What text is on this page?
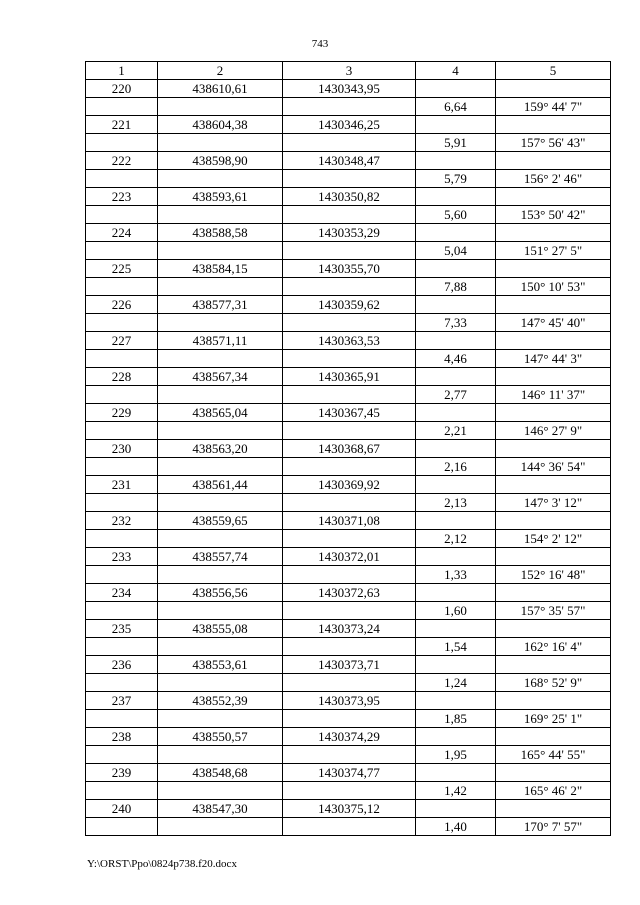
743
1	2	3	4	5
220	438610,61	1430343,95		
			6,64	159° 44' 7"
221	438604,38	1430346,25		
			5,91	157° 56' 43"
222	438598,90	1430348,47		
			5,79	156° 2' 46"
223	438593,61	1430350,82		
			5,60	153° 50' 42"
224	438588,58	1430353,29		
			5,04	151° 27' 5"
225	438584,15	1430355,70		
			7,88	150° 10' 53"
226	438577,31	1430359,62		
			7,33	147° 45' 40"
227	438571,11	1430363,53		
			4,46	147° 44' 3"
228	438567,34	1430365,91		
			2,77	146° 11' 37"
229	438565,04	1430367,45		
			2,21	146° 27' 9"
230	438563,20	1430368,67		
			2,16	144° 36' 54"
231	438561,44	1430369,92		
			2,13	147° 3' 12"
232	438559,65	1430371,08		
			2,12	154° 2' 12"
233	438557,74	1430372,01		
			1,33	152° 16' 48"
234	438556,56	1430372,63		
			1,60	157° 35' 57"
235	438555,08	1430373,24		
			1,54	162° 16' 4"
236	438553,61	1430373,71		
			1,24	168° 52' 9"
237	438552,39	1430373,95		
			1,85	169° 25' 1"
238	438550,57	1430374,29		
			1,95	165° 44' 55"
239	438548,68	1430374,77		
			1,42	165° 46' 2"
240	438547,30	1430375,12		
			1,40	170° 7' 57"
Y:\ORST\Ppo\0824p738.f20.docx
